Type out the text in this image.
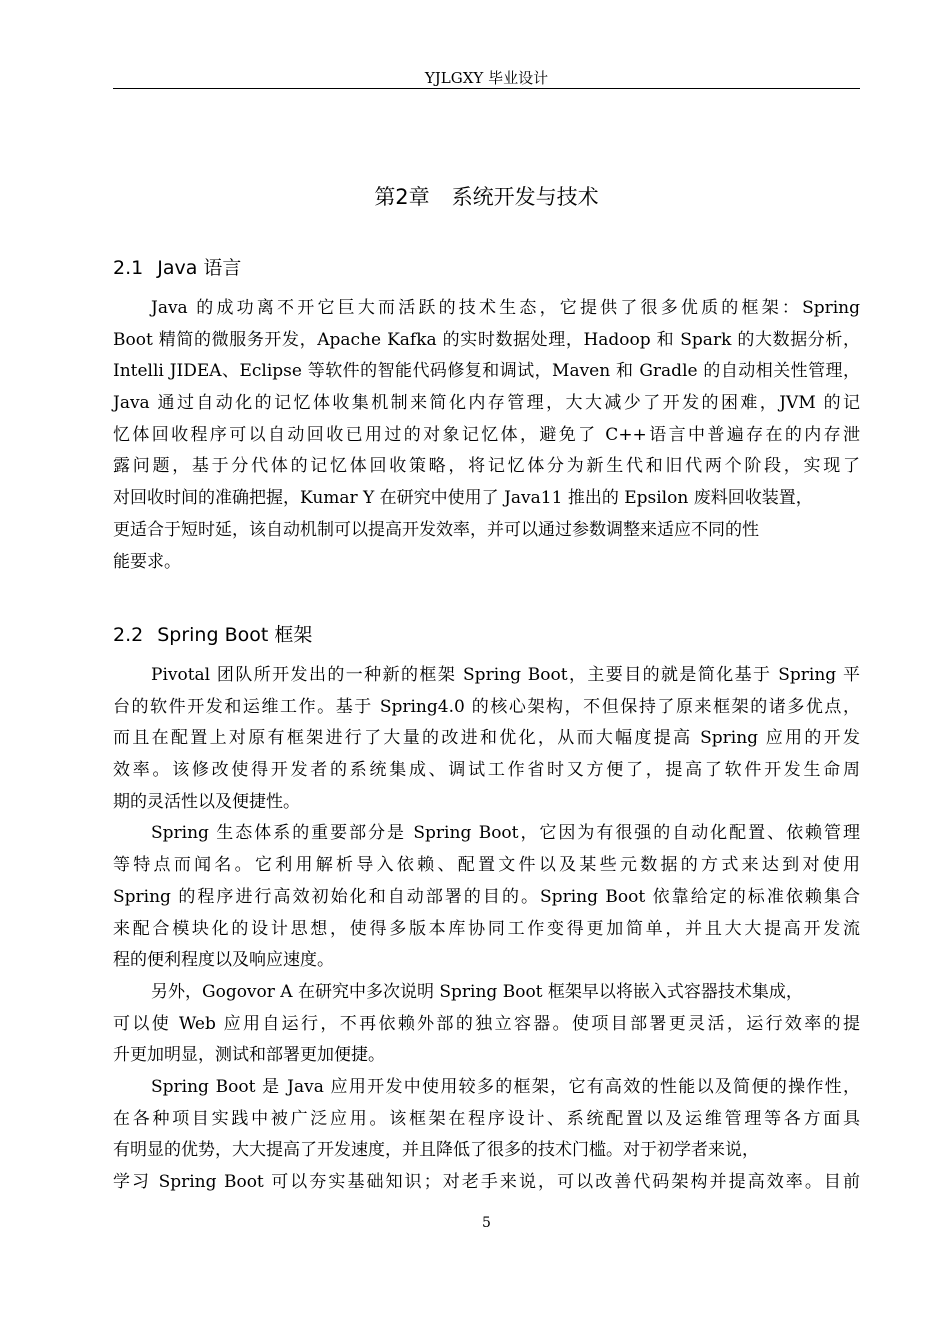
YJLGXY 毕业设计
第2章 系统开发与技术
2.1 Java 语言
Java 的成功离不开它巨大而活跃的技术生态，它提供了很多优质的框架：Spring
Boot 精简的微服务开发，Apache Kafka 的实时数据处理，Hadoop 和 Spark 的大数据分析，
Intelli JIDEA、Eclipse 等软件的智能代码修复和调试，Maven 和 Gradle 的自动相关性管理，
Java 通过自动化的记忆体收集机制来简化内存管理，大大减少了开发的困难，JVM 的记
忆体回收程序可以自动回收已用过的对象记忆体，避免了 C++语言中普遍存在的内存泄
露问题，基于分代体的记忆体回收策略，将记忆体分为新生代和旧代两个阶段，实现了
对回收时间的准确把握，Kumar Y 在研究中使用了 Java11 推出的 Epsilon 废料回收装置，
更适合于短时延，该自动机制可以提高开发效率，并可以通过参数调整来适应不同的性
能要求。
2.2 Spring Boot 框架
Pivotal 团队所开发出的一种新的框架 Spring Boot，主要目的就是简化基于 Spring 平
台的软件开发和运维工作。基于 Spring4.0 的核心架构，不但保持了原来框架的诸多优点，
而且在配置上对原有框架进行了大量的改进和优化，从而大幅度提高 Spring 应用的开发
效率。该修改使得开发者的系统集成、调试工作省时又方便了，提高了软件开发生命周
期的灵活性以及便捷性。
Spring 生态体系的重要部分是 Spring Boot，它因为有很强的自动化配置、依赖管理
等特点而闻名。它利用解析导入依赖、配置文件以及某些元数据的方式来达到对使用
Spring 的程序进行高效初始化和自动部署的目的。Spring Boot 依靠给定的标准依赖集合
来配合模块化的设计思想，使得多版本库协同工作变得更加简单，并且大大提高开发流
程的便利程度以及响应速度。
另外，Gogovor A 在研究中多次说明 Spring Boot 框架早以将嵌入式容器技术集成，
可以使 Web 应用自运行，不再依赖外部的独立容器。使项目部署更灵活，运行效率的提
升更加明显，测试和部署更加便捷。
Spring Boot 是 Java 应用开发中使用较多的框架，它有高效的性能以及简便的操作性，
在各种项目实践中被广泛应用。该框架在程序设计、系统配置以及运维管理等各方面具
有明显的优势，大大提高了开发速度，并且降低了很多的技术门槛。对于初学者来说，
学习 Spring Boot 可以夯实基础知识；对老手来说，可以改善代码架构并提高效率。目前
5
